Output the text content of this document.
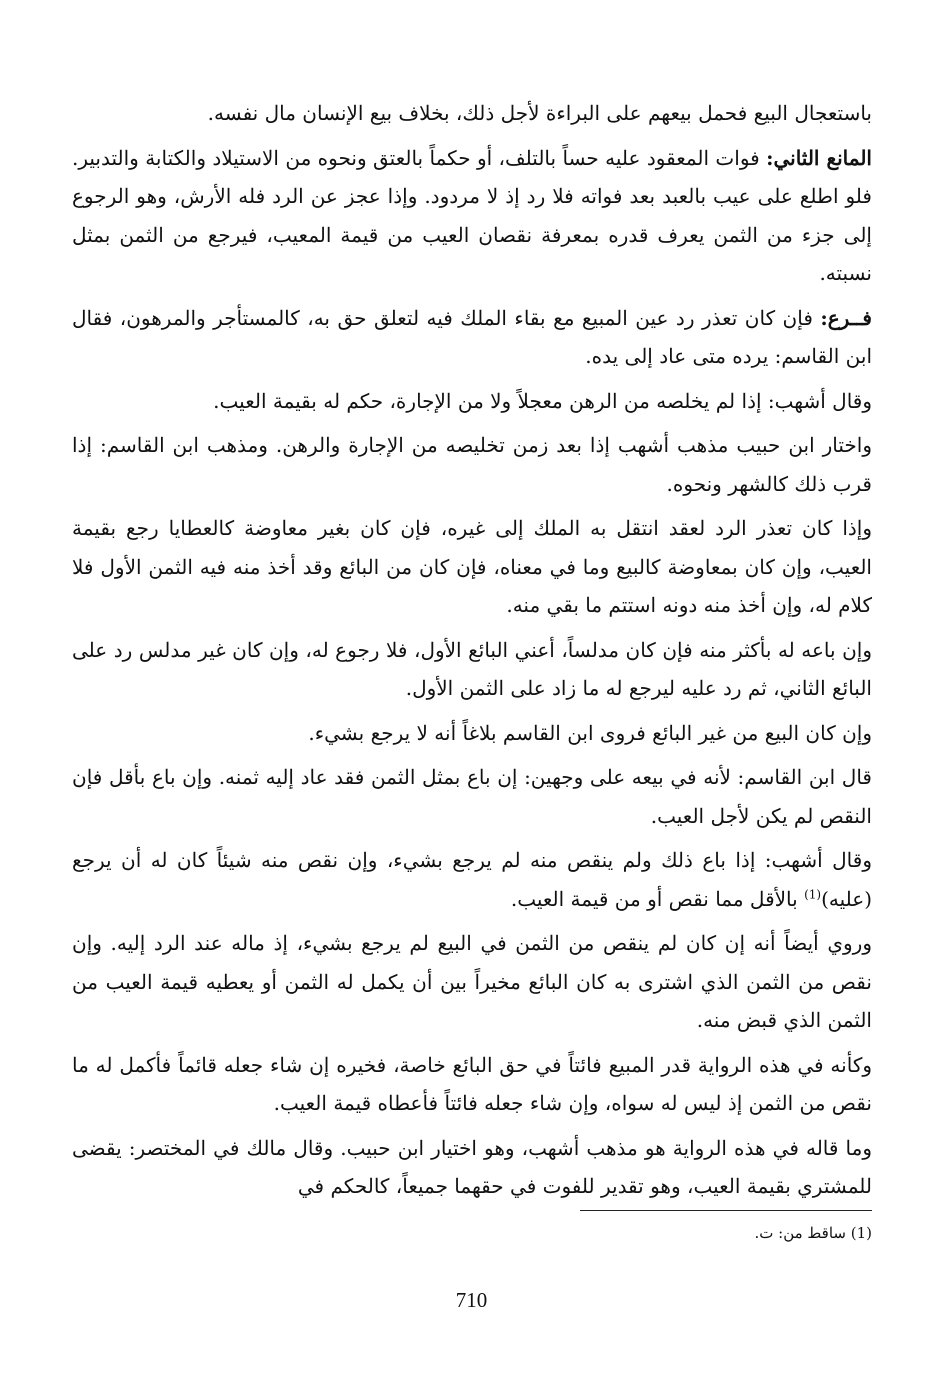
باستعجال البيع فحمل بيعهم على البراءة لأجل ذلك، بخلاف بيع الإنسان مال نفسه.

المانع الثاني: فوات المعقود عليه حساً بالتلف، أو حكماً بالعتق ونحوه من الاستيلاد والكتابة والتدبير. فلو اطلع على عيب بالعبد بعد فواته فلا رد إذ لا مردود. وإذا عجز عن الرد فله الأرش، وهو الرجوع إلى جزء من الثمن يعرف قدره بمعرفة نقصان العيب من قيمة المعيب، فيرجع من الثمن بمثل نسبته.

فــرع: فإن كان تعذر رد عين المبيع مع بقاء الملك فيه لتعلق حق به، كالمستأجر والمرهون، فقال ابن القاسم: يرده متى عاد إلى يده.

وقال أشهب: إذا لم يخلصه من الرهن معجلاً ولا من الإجارة، حكم له بقيمة العيب.

واختار ابن حبيب مذهب أشهب إذا بعد زمن تخليصه من الإجارة والرهن. ومذهب ابن القاسم: إذا قرب ذلك كالشهر ونحوه.

وإذا كان تعذر الرد لعقد انتقل به الملك إلى غيره، فإن كان بغير معاوضة كالعطايا رجع بقيمة العيب، وإن كان بمعاوضة كالبيع وما في معناه، فإن كان من البائع وقد أخذ منه فيه الثمن الأول فلا كلام له، وإن أخذ منه دونه استتم ما بقي منه.

وإن باعه له بأكثر منه فإن كان مدلساً، أعني البائع الأول، فلا رجوع له، وإن كان غير مدلس رد على البائع الثاني، ثم رد عليه ليرجع له ما زاد على الثمن الأول.

وإن كان البيع من غير البائع فروى ابن القاسم بلاغاً أنه لا يرجع بشيء.

قال ابن القاسم: لأنه في بيعه على وجهين: إن باع بمثل الثمن فقد عاد إليه ثمنه. وإن باع بأقل فإن النقص لم يكن لأجل العيب.

وقال أشهب: إذا باع ذلك ولم ينقص منه لم يرجع بشيء، وإن نقص منه شيئاً كان له أن يرجع (عليه)$^{(1)}$ بالأقل مما نقص أو من قيمة العيب.

وروي أيضاً أنه إن كان لم ينقص من الثمن في البيع لم يرجع بشيء، إذ ماله عند الرد إليه. وإن نقص من الثمن الذي اشترى به كان البائع مخيراً بين أن يكمل له الثمن أو يعطيه قيمة العيب من الثمن الذي قبض منه.

وكأنه في هذه الرواية قدر المبيع فائتاً في حق البائع خاصة، فخيره إن شاء جعله قائماً فأكمل له ما نقص من الثمن إذ ليس له سواه، وإن شاء جعله فائتاً فأعطاه قيمة العيب.

وما قاله في هذه الرواية هو مذهب أشهب، وهو اختيار ابن حبيب. وقال مالك في المختصر: يقضى للمشتري بقيمة العيب، وهو تقدير للفوت في حقهما جميعاً، كالحكم في

(1) ساقط من: ت.
710
